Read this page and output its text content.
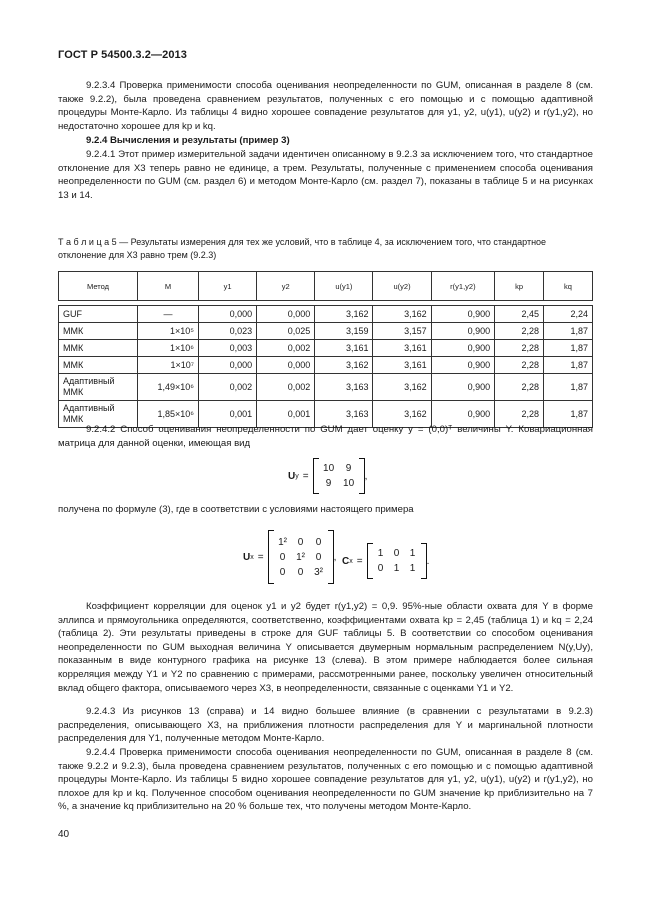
ГОСТ Р 54500.3.2—2013
9.2.3.4 Проверка применимости способа оценивания неопределенности по GUM, описанная в разделе 8 (см. также 9.2.2), была проведена сравнением результатов, полученных с его помощью и с помощью адаптивной процедуры Монте-Карло. Из таблицы 4 видно хорошее совпадение результатов для y1, y2, u(y1), u(y2) и r(y1,y2), но недостаточно хорошее для kp и kq.
9.2.4 Вычисления и результаты (пример 3)
9.2.4.1 Этот пример измерительной задачи идентичен описанному в 9.2.3 за исключением того, что стандартное отклонение для X3 теперь равно не единице, а трем. Результаты, полученные с применением способа оценивания неопределенности по GUM (см. раздел 6) и методом Монте-Карло (см. раздел 7), показаны в таблице 5 и на рисунках 13 и 14.
Т а б л и ц а 5 — Результаты измерения для тех же условий, что в таблице 4, за исключением того, что стандартное отклонение для X3 равно трем (9.2.3)
Метод	M	y1	y2	u(y1)	u(y2)	r(y1,y2)	kp	kq

GUF	—	0,000	0,000	3,162	3,162	0,900	2,45	2,24
ММК	1×10⁵	0,023	0,025	3,159	3,157	0,900	2,28	1,87
ММК	1×10⁶	0,003	0,002	3,161	3,161	0,900	2,28	1,87
ММК	1×10⁷	0,000	0,000	3,162	3,161	0,900	2,28	1,87
Адаптивный ММК	1,49×10⁶	0,002	0,002	3,163	3,162	0,900	2,28	1,87
Адаптивный ММК	1,85×10⁶	0,001	0,001	3,163	3,162	0,900	2,28	1,87
9.2.4.2 Способ оценивания неопределенности по GUM дает оценку y = (0,0)ᵀ величины Y. Ковариационная матрица для данной оценки, имеющая вид
U y =
10	9
9	10
,
получена по формуле (3), где в соответствии с условиями настоящего примера
U x =
1²	0	0
0	1²	0
0	0	3²
, C x =
1	0	1
0	1	1
.
Коэффициент корреляции для оценок y1 и y2 будет r(y1,y2) = 0,9. 95%-ные области охвата для Y в форме эллипса и прямоугольника определяются, соответственно, коэффициентами охвата kp = 2,45 (таблица 1) и kq = 2,24 (таблица 2). Эти результаты приведены в строке для GUF таблицы 5. В соответствии со способом оценивания неопределенности по GUM выходная величина Y описывается двумерным нормальным распределением N(y,Uy), показанным в виде контурного графика на рисунке 13 (слева). В этом примере наблюдается более сильная корреляция между Y1 и Y2 по сравнению с примерами, рассмотренными ранее, поскольку увеличен относительный вклад общего фактора, описываемого через X3, в неопределенности, связанные с оценками Y1 и Y2.
9.2.4.3 Из рисунков 13 (справа) и 14 видно большее влияние (в сравнении с результатами в 9.2.3) распределения, описывающего X3, на приближения плотности распределения для Y и маргинальной плотности распределения для Y1, полученные методом Монте-Карло.
9.2.4.4 Проверка применимости способа оценивания неопределенности по GUM, описанная в разделе 8 (см. также 9.2.2 и 9.2.3), была проведена сравнением результатов, полученных с его помощью и с помощью адаптивной процедуры Монте-Карло. Из таблицы 5 видно хорошее совпадение результатов для y1, y2, u(y1), u(y2) и r(y1,y2), но плохое для kp и kq. Полученное способом оценивания неопределенности по GUM значение kp приблизительно на 7 %, а значение kq приблизительно на 20 % больше тех, что получены методом Монте-Карло.
40
